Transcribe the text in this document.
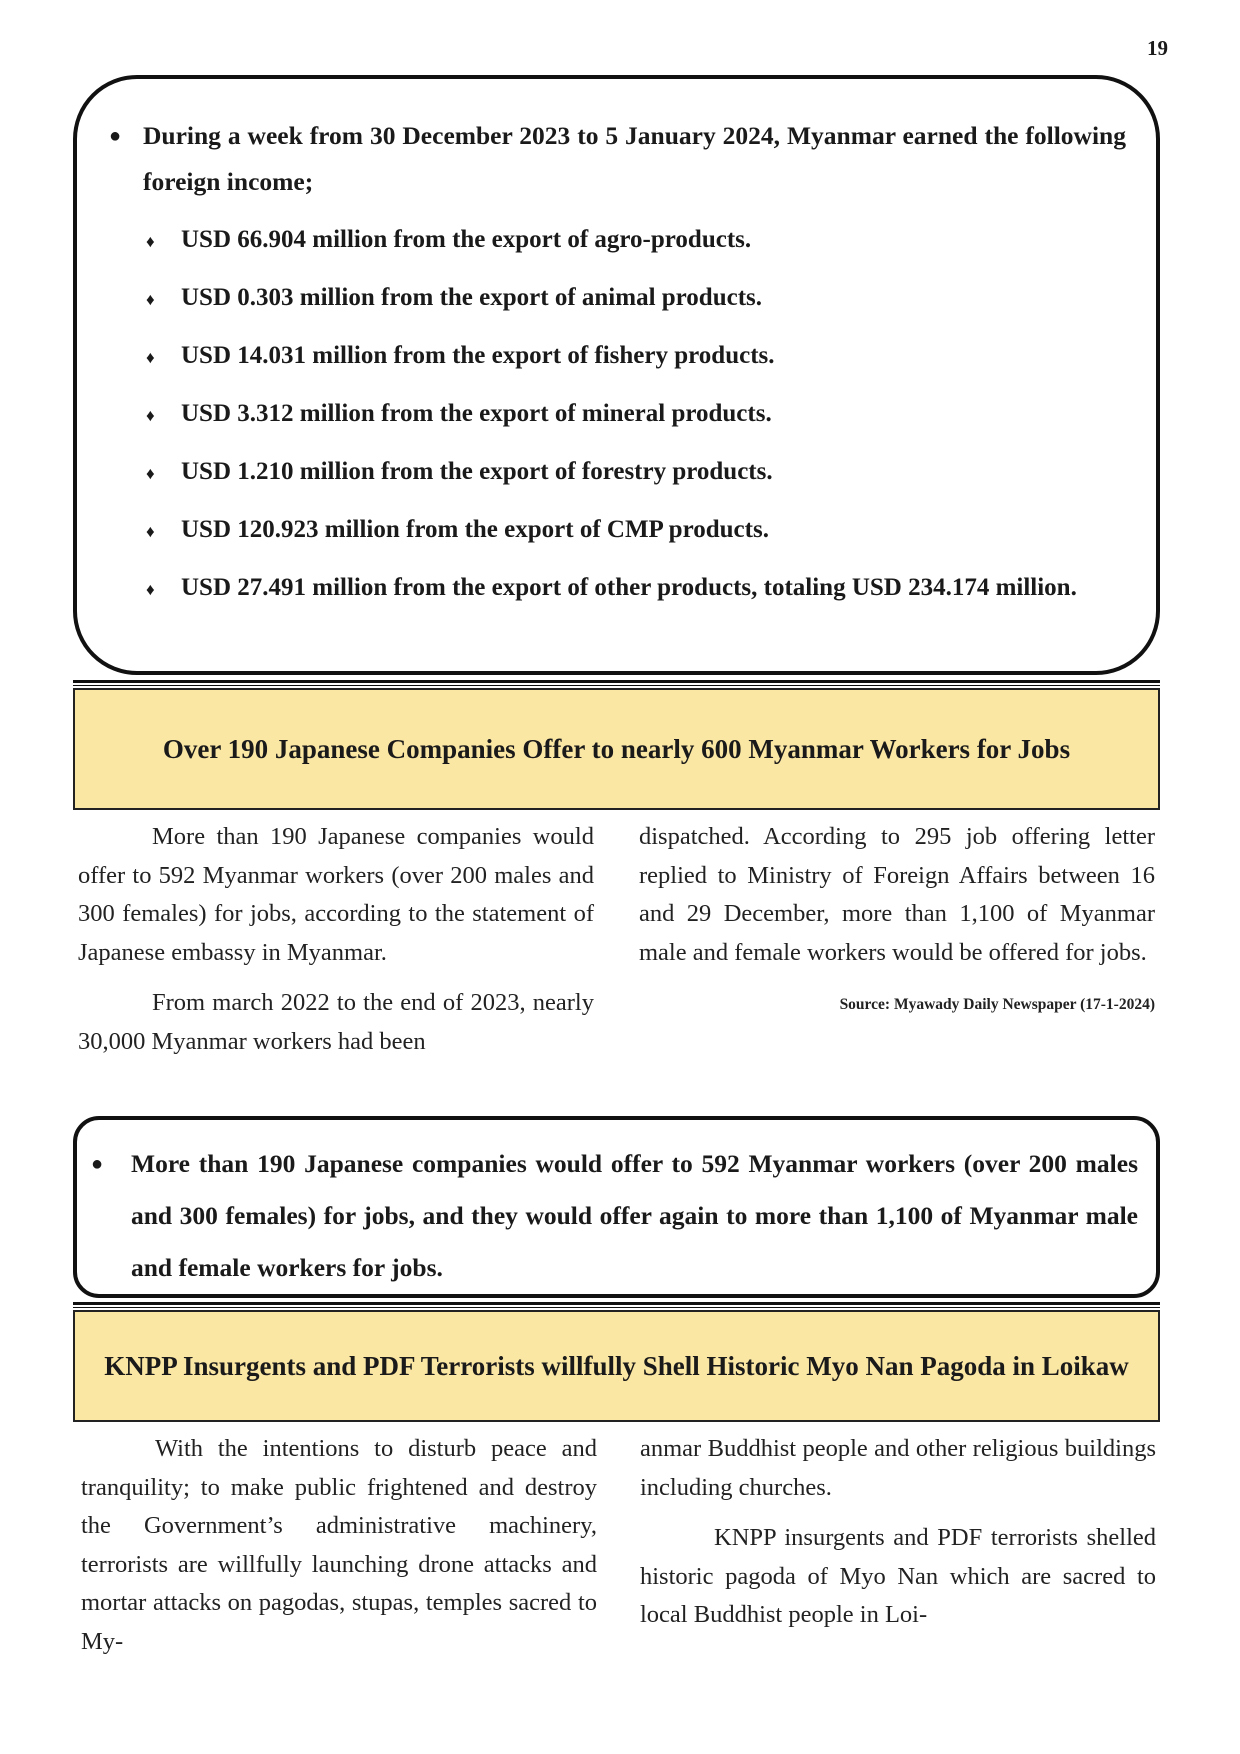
19
● During a week from 30 December 2023 to 5 January 2024, Myanmar earned the following foreign income;
♦ USD 66.904 million from the export of agro-products.
♦ USD 0.303 million from the export of animal products.
♦ USD 14.031 million from the export of fishery products.
♦ USD 3.312 million from the export of mineral products.
♦ USD 1.210 million from the export of forestry products.
♦ USD 120.923 million from the export of CMP products.
♦ USD 27.491 million from the export of other products, totaling USD 234.174 million.
Over 190 Japanese Companies Offer to nearly 600 Myanmar Workers for Jobs

More than 190 Japanese companies would offer to 592 Myanmar workers (over 200 males and 300 females) for jobs, according to the statement of Japanese embassy in Myanmar.

From march 2022 to the end of 2023, nearly 30,000 Myanmar workers had been

dispatched. According to 295 job offering letter replied to Ministry of Foreign Affairs between 16 and 29 December, more than 1,100 of Myanmar male and female workers would be offered for jobs.

Source: Myawady Daily Newspaper (17-1-2024)
● More than 190 Japanese companies would offer to 592 Myanmar workers (over 200 males and 300 females) for jobs, and they would offer again to more than 1,100 of Myanmar male and female workers for jobs.
KNPP Insurgents and PDF Terrorists willfully Shell Historic Myo Nan Pagoda in Loikaw

With the intentions to disturb peace and tranquility; to make public frightened and destroy the Government’s administrative machinery, terrorists are willfully launching drone attacks and mortar attacks on pagodas, stupas, temples sacred to My-

anmar Buddhist people and other religious buildings including churches.

KNPP insurgents and PDF terrorists shelled historic pagoda of Myo Nan which are sacred to local Buddhist people in Loi-
